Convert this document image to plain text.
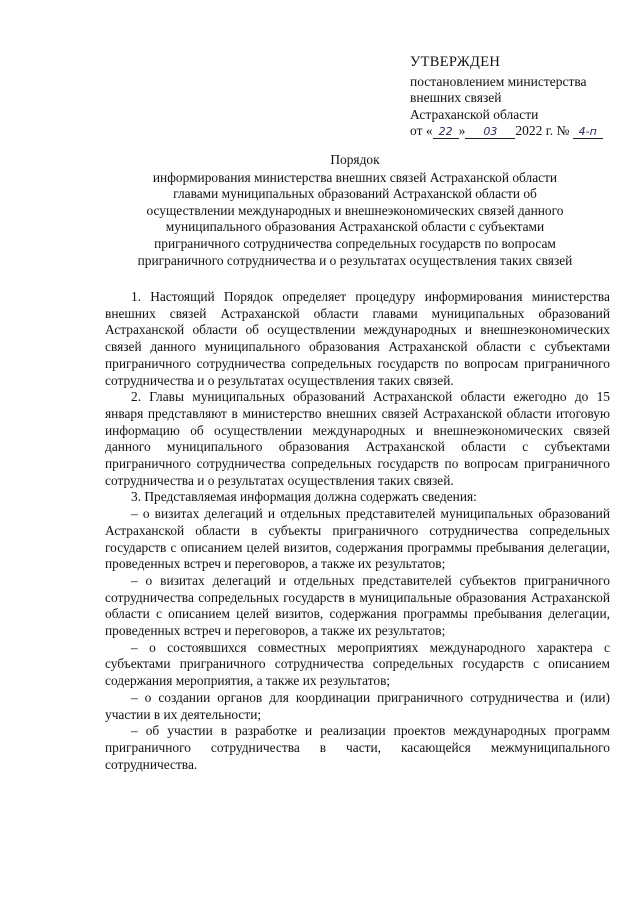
УТВЕРЖДЕН
постановлением министерства
внешних связей
Астраханской области
от « 22 » 03 2022 г. № 4-п
Порядок
информирования министерства внешних связей Астраханской области
главами муниципальных образований Астраханской области об
осуществлении международных и внешнеэкономических связей данного
муниципального образования Астраханской области с субъектами
приграничного сотрудничества сопредельных государств по вопросам
приграничного сотрудничества и о результатах осуществления таких связей

1. Настоящий Порядок определяет процедуру информирования министерства внешних связей Астраханской области главами муниципальных образований Астраханской области об осуществлении международных и внешнеэкономических связей данного муниципального образования Астраханской области с субъектами приграничного сотрудничества сопредельных государств по вопросам приграничного сотрудничества и о результатах осуществления таких связей.

2. Главы муниципальных образований Астраханской области ежегодно до 15 января представляют в министерство внешних связей Астраханской области итоговую информацию об осуществлении международных и внешнеэкономических связей данного муниципального образования Астраханской области с субъектами приграничного сотрудничества сопредельных государств по вопросам приграничного сотрудничества и о результатах осуществления таких связей.

3. Представляемая информация должна содержать сведения:

– о визитах делегаций и отдельных представителей муниципальных образований Астраханской области в субъекты приграничного сотрудничества сопредельных государств с описанием целей визитов, содержания программы пребывания делегации, проведенных встреч и переговоров, а также их результатов;

– о визитах делегаций и отдельных представителей субъектов приграничного сотрудничества сопредельных государств в муниципальные образования Астраханской области с описанием целей визитов, содержания программы пребывания делегации, проведенных встреч и переговоров, а также их результатов;

– о состоявшихся совместных мероприятиях международного характера с субъектами приграничного сотрудничества сопредельных государств с описанием содержания мероприятия, а также их результатов;

– о создании органов для координации приграничного сотрудничества и (или) участии в их деятельности;

– об участии в разработке и реализации проектов международных программ приграничного сотрудничества в части, касающейся межмуниципального сотрудничества.
